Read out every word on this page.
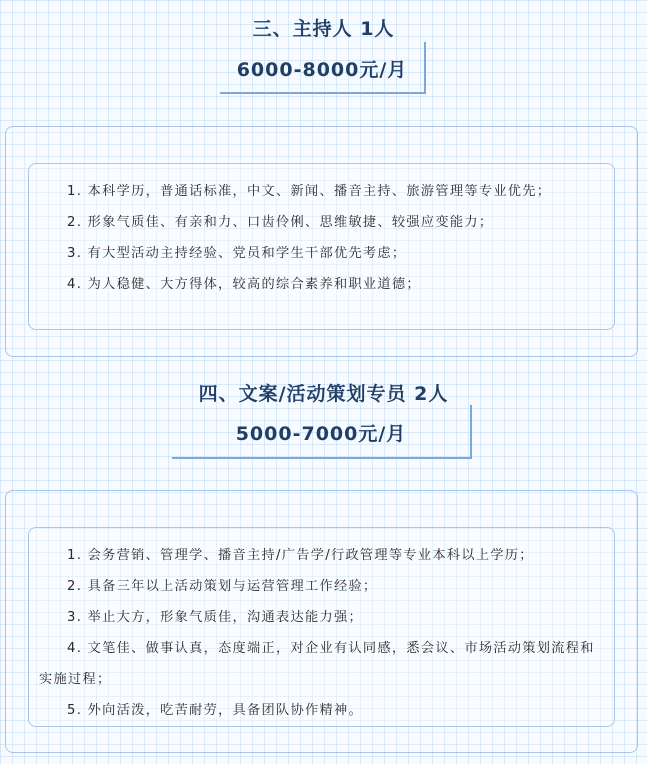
三、主持人 1人
6000-8000元/月

1. 本科学历，普通话标准，中文、新闻、播音主持、旅游管理等专业优先；

2. 形象气质佳、有亲和力、口齿伶俐、思维敏捷、较强应变能力；

3. 有大型活动主持经验、党员和学生干部优先考虑；

4. 为人稳健、大方得体，较高的综合素养和职业道德；

四、文案/活动策划专员 2人
5000-7000元/月

1. 会务营销、管理学、播音主持/广告学/行政管理等专业本科以上学历；

2. 具备三年以上活动策划与运营管理工作经验；

3. 举止大方，形象气质佳，沟通表达能力强；

4. 文笔佳、做事认真，态度端正，对企业有认同感，悉会议、市场活动策划流程和实施过程；

5. 外向活泼，吃苦耐劳，具备团队协作精神。
